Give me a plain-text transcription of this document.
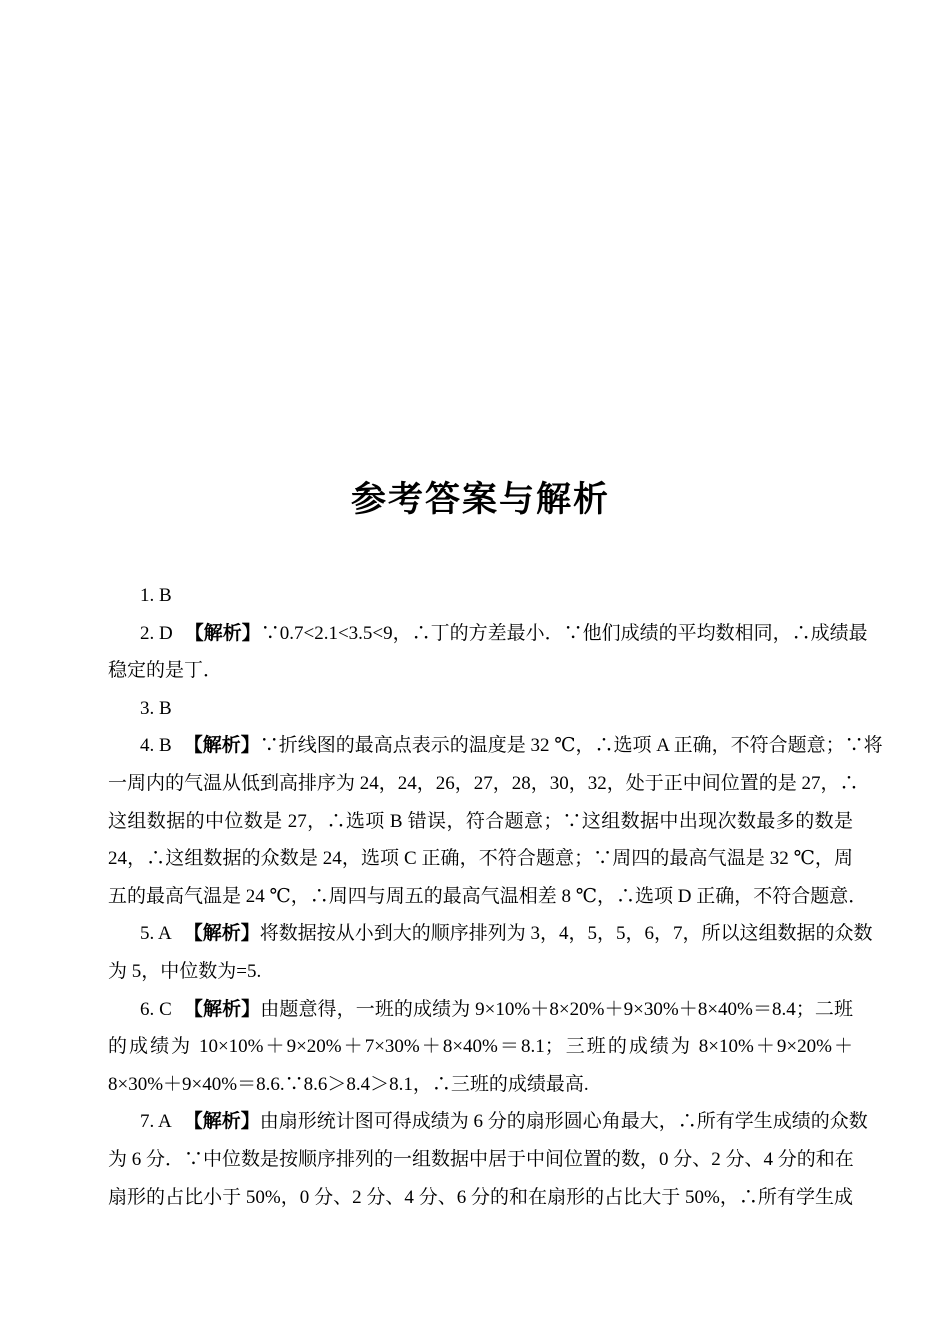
参考答案与解析
1. B
2. D 【解析】∵0.7<2.1<3.5<9，∴丁的方差最小．∵他们成绩的平均数相同，∴成绩最
稳定的是丁．
3. B
4. B 【解析】∵折线图的最高点表示的温度是 32 ℃，∴选项 A 正确，不符合题意；∵将
一周内的气温从低到高排序为 24，24，26，27，28，30，32，处于正中间位置的是 27，∴
这组数据的中位数是 27，∴选项 B 错误，符合题意；∵这组数据中出现次数最多的数是
24，∴这组数据的众数是 24，选项 C 正确，不符合题意；∵周四的最高气温是 32 ℃，周
五的最高气温是 24 ℃，∴周四与周五的最高气温相差 8 ℃，∴选项 D 正确，不符合题意．
5. A 【解析】将数据按从小到大的顺序排列为 3，4，5，5，6，7，所以这组数据的众数
为 5，中位数为=5.
6. C 【解析】由题意得，一班的成绩为 9×10%＋8×20%＋9×30%＋8×40%＝8.4；二班
的成绩为 10×10%＋9×20%＋7×30%＋8×40%＝8.1；三班的成绩为 8×10%＋9×20%＋
8×30%＋9×40%＝8.6.∵8.6＞8.4＞8.1，∴三班的成绩最高.
7. A 【解析】由扇形统计图可得成绩为 6 分的扇形圆心角最大，∴所有学生成绩的众数
为 6 分．∵中位数是按顺序排列的一组数据中居于中间位置的数，0 分、2 分、4 分的和在
扇形的占比小于 50%，0 分、2 分、4 分、6 分的和在扇形的占比大于 50%，∴所有学生成
